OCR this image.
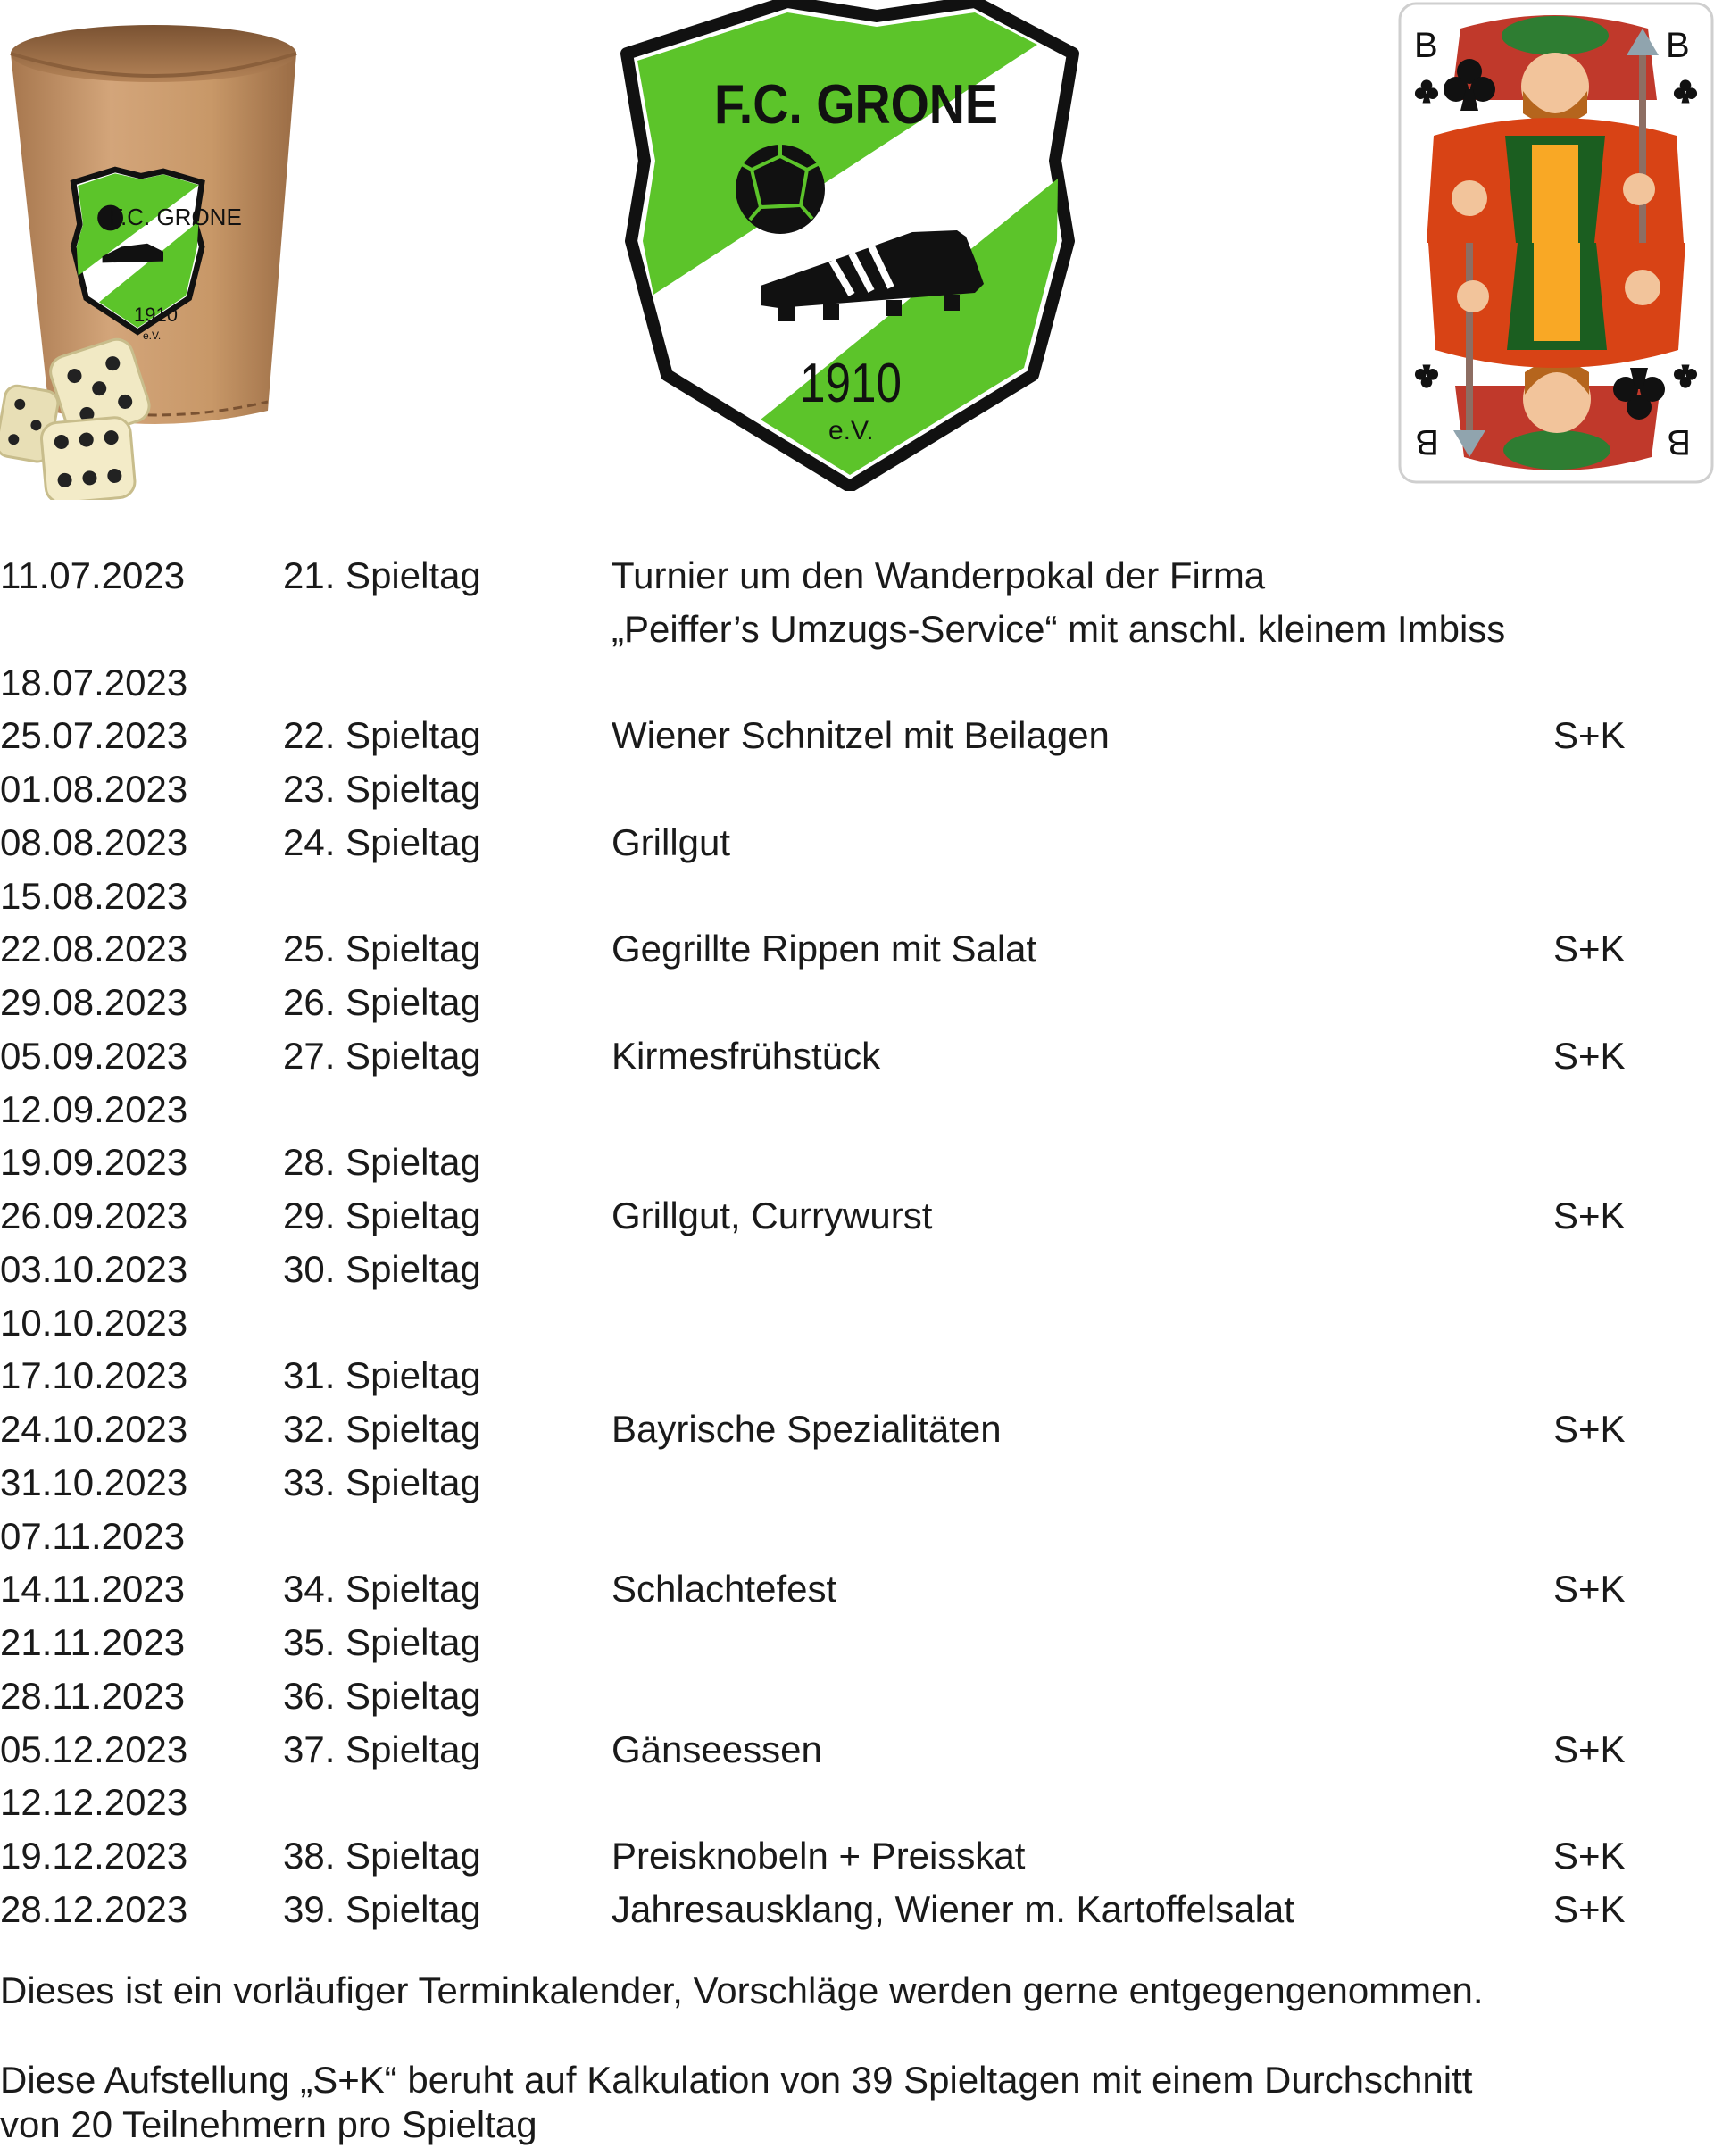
F.C. GRONE
1910
e.V.
F.C. GRONE
1910
e.V.
B	B
B	B
11.07.2023	21. Spieltag	Turnier um den Wanderpokal der Firma
„Peiffer’s Umzugs-Service“ mit anschl. kleinem Imbiss
18.07.2023
25.07.2023	22. Spieltag	Wiener Schnitzel mit Beilagen	S+K
01.08.2023	23. Spieltag
08.08.2023	24. Spieltag	Grillgut
15.08.2023
22.08.2023	25. Spieltag	Gegrillte Rippen mit Salat	S+K
29.08.2023	26. Spieltag
05.09.2023	27. Spieltag	Kirmesfrühstück	S+K
12.09.2023
19.09.2023	28. Spieltag
26.09.2023	29. Spieltag	Grillgut, Currywurst	S+K
03.10.2023	30. Spieltag
10.10.2023
17.10.2023	31. Spieltag
24.10.2023	32. Spieltag	Bayrische Spezialitäten	S+K
31.10.2023	33. Spieltag
07.11.2023
14.11.2023	34. Spieltag	Schlachtefest	S+K
21.11.2023	35. Spieltag
28.11.2023	36. Spieltag
05.12.2023	37. Spieltag	Gänseessen	S+K
12.12.2023
19.12.2023	38. Spieltag	Preisknobeln + Preisskat	S+K
28.12.2023	39. Spieltag	Jahresausklang, Wiener m. Kartoffelsalat	S+K

Dieses ist ein vorläufiger Terminkalender, Vorschläge werden gerne entgegengenommen.

Diese Aufstellung „S+K“ beruht auf Kalkulation von 39 Spieltagen mit einem Durchschnitt

von 20 Teilnehmern pro Spieltag
